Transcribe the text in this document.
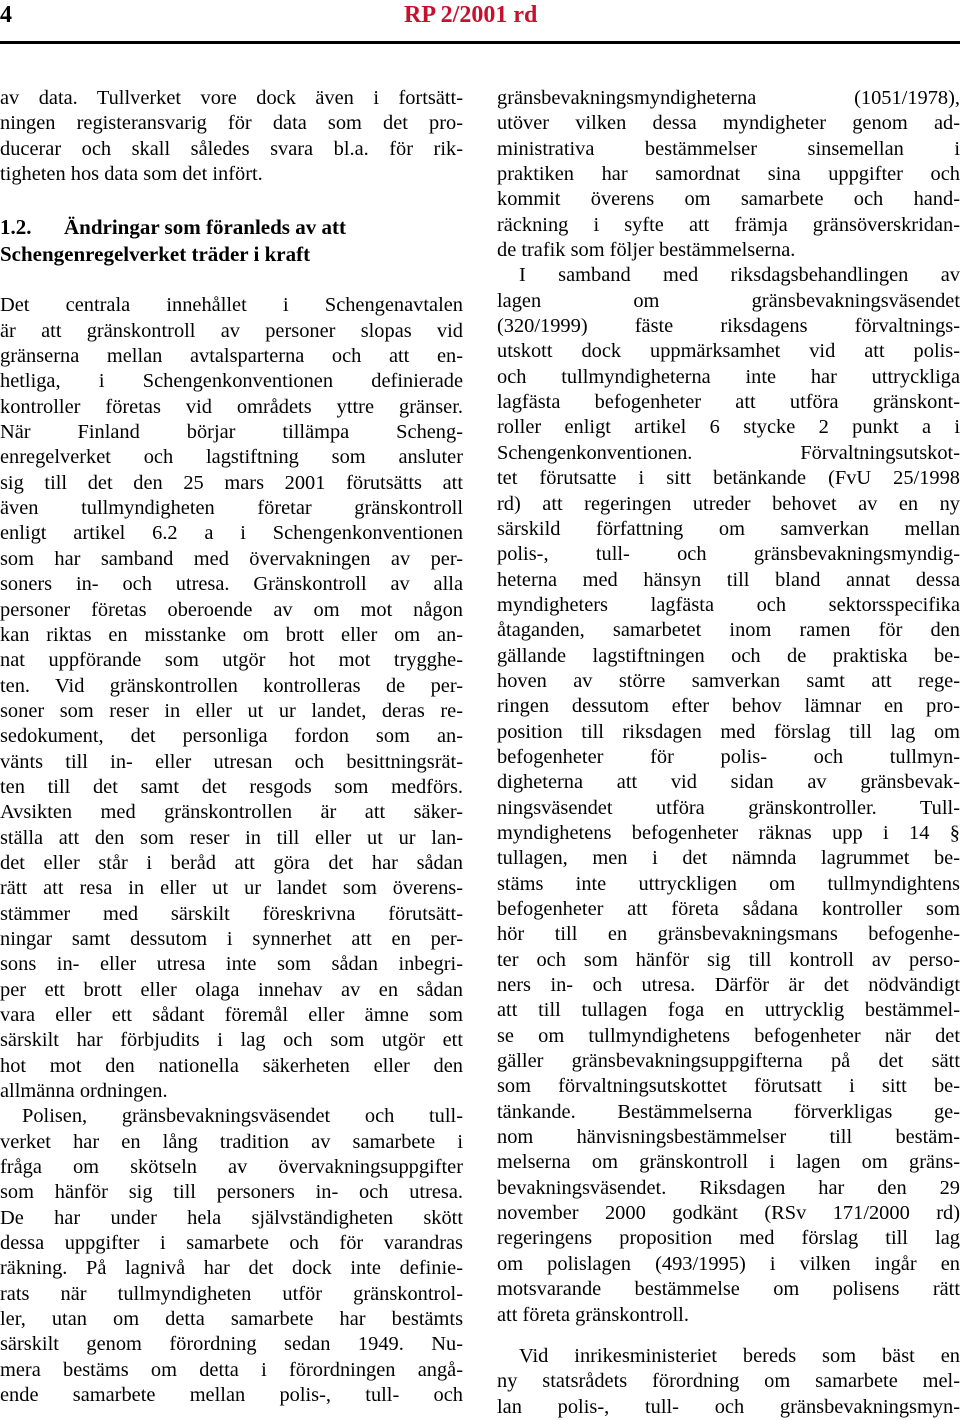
4	RP 2/2001 rd
av data. Tullverket vore dock även i fortsätt-
ningen registeransvarig för data som det pro-
ducerar och skall således svara bl.a. för rik-
tigheten hos data som det infört.
1.2. Ändringar som föranleds av att
Schengenregelverket träder i kraft
Det centrala innehållet i Schengenavtalen
är att gränskontroll av personer slopas vid
gränserna mellan avtalsparterna och att en-
hetliga, i Schengenkonventionen definierade
kontroller företas vid områdets yttre gränser.
När Finland börjar tillämpa Scheng-
enregelverket och lagstiftning som ansluter
sig till det den 25 mars 2001 förutsätts att
även tullmyndigheten företar gränskontroll
enligt artikel 6.2 a i Schengenkonventionen
som har samband med övervakningen av per-
soners in- och utresa. Gränskontroll av alla
personer företas oberoende av om mot någon
kan riktas en misstanke om brott eller om an-
nat uppförande som utgör hot mot trygghe-
ten. Vid gränskontrollen kontrolleras de per-
soner som reser in eller ut ur landet, deras re-
sedokument, det personliga fordon som an-
vänts till in- eller utresan och besittningsrät-
ten till det samt det resgods som medförs.
Avsikten med gränskontrollen är att säker-
ställa att den som reser in till eller ut ur lan-
det eller står i beråd att göra det har sådan
rätt att resa in eller ut ur landet som överens-
stämmer med särskilt föreskrivna förutsätt-
ningar samt dessutom i synnerhet att en per-
sons in- eller utresa inte som sådan inbegri-
per ett brott eller olaga innehav av en sådan
vara eller ett sådant föremål eller ämne som
särskilt har förbjudits i lag och som utgör ett
hot mot den nationella säkerheten eller den
allmänna ordningen.
Polisen, gränsbevakningsväsendet och tull-
verket har en lång tradition av samarbete i
fråga om skötseln av övervakningsuppgifter
som hänför sig till personers in- och utresa.
De har under hela självständigheten skött
dessa uppgifter i samarbete och för varandras
räkning. På lagnivå har det dock inte definie-
rats när tullmyndigheten utför gränskontrol-
ler, utan om detta samarbete har bestämts
särskilt genom förordning sedan 1949. Nu-
mera bestäms om detta i förordningen angå-
ende samarbete mellan polis-, tull- och
gränsbevakningsmyndigheterna (1051/1978),
utöver vilken dessa myndigheter genom ad-
ministrativa bestämmelser sinsemellan i
praktiken har samordnat sina uppgifter och
kommit överens om samarbete och hand-
räckning i syfte att främja gränsöverskridan-
de trafik som följer bestämmelserna.
I samband med riksdagsbehandlingen av
lagen om gränsbevakningsväsendet
(320/1999) fäste riksdagens förvaltnings-
utskott dock uppmärksamhet vid att polis-
och tullmyndigheterna inte har uttryckliga
lagfästa befogenheter att utföra gränskont-
roller enligt artikel 6 stycke 2 punkt a i
Schengenkonventionen. Förvaltningsutskot-
tet förutsatte i sitt betänkande (FvU 25/1998
rd) att regeringen utreder behovet av en ny
särskild författning om samverkan mellan
polis-, tull- och gränsbevakningsmyndig-
heterna med hänsyn till bland annat dessa
myndigheters lagfästa och sektorsspecifika
åtaganden, samarbetet inom ramen för den
gällande lagstiftningen och de praktiska be-
hoven av större samverkan samt att rege-
ringen dessutom efter behov lämnar en pro-
position till riksdagen med förslag till lag om
befogenheter för polis- och tullmyn-
digheterna att vid sidan av gränsbevak-
ningsväsendet utföra gränskontroller. Tull-
myndighetens befogenheter räknas upp i 14 §
tullagen, men i det nämnda lagrummet be-
stäms inte uttryckligen om tullmyndightens
befogenheter att företa sådana kontroller som
hör till en gränsbevakningsmans befogenhe-
ter och som hänför sig till kontroll av perso-
ners in- och utresa. Därför är det nödvändigt
att till tullagen foga en uttrycklig bestämmel-
se om tullmyndighetens befogenheter när det
gäller gränsbevakningsuppgifterna på det sätt
som förvaltningsutskottet förutsatt i sitt be-
tänkande. Bestämmelserna förverkligas ge-
nom hänvisningsbestämmelser till bestäm-
melserna om gränskontroll i lagen om gräns-
bevakningsväsendet. Riksdagen har den 29
november 2000 godkänt (RSv 171/2000 rd)
regeringens proposition med förslag till lag
om polislagen (493/1995) i vilken ingår en
motsvarande bestämmelse om polisens rätt
att företa gränskontroll.
Vid inrikesministeriet bereds som bäst en
ny statsrådets förordning om samarbete mel-
lan polis-, tull- och gränsbevakningsmyn-
